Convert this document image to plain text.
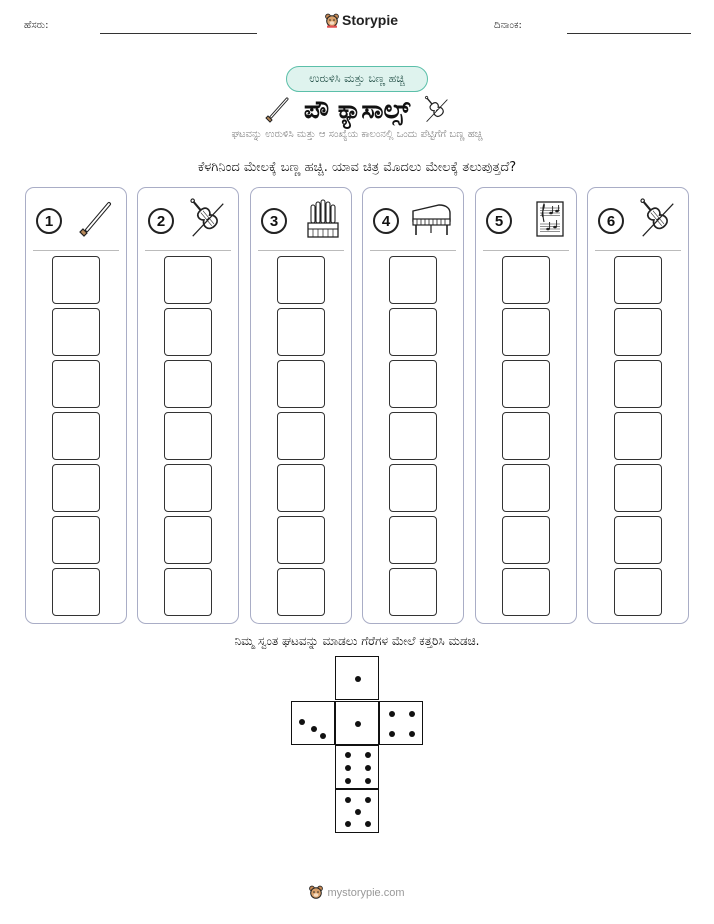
ಹೆಸರು:	Storypie	ದಿನಾಂಕ:
ಉರುಳಿಸಿ ಮತ್ತು ಬಣ್ಣ ಹಚ್ಚಿ
ಪೌ ಕ್ಯಾಸಾಲ್ಸ್
ಘಟವನ್ನು ಉರುಳಿಸಿ ಮತ್ತು ಆ ಸಂಖ್ಯೆಯ ಕಾಲಂನಲ್ಲಿ ಒಂದು ಪೆಟ್ಟಿಗೆಗೆ ಬಣ್ಣ ಹಚ್ಚಿ
ಕೆಳಗಿನಿಂದ ಮೇಲಕ್ಕೆ ಬಣ್ಣ ಹಚ್ಚಿ. ಯಾವ ಚಿತ್ರ ಮೊದಲು ಮೇಲಕ್ಕೆ ತಲುಪುತ್ತದೆ?
1	2	3	4	5	6
ನಿಮ್ಮ ಸ್ವಂತ ಘಟವನ್ನು ಮಾಡಲು ಗೆರೆಗಳ ಮೇಲೆ ಕತ್ತರಿಸಿ ಮಡಚಿ.
mystorypie.com
